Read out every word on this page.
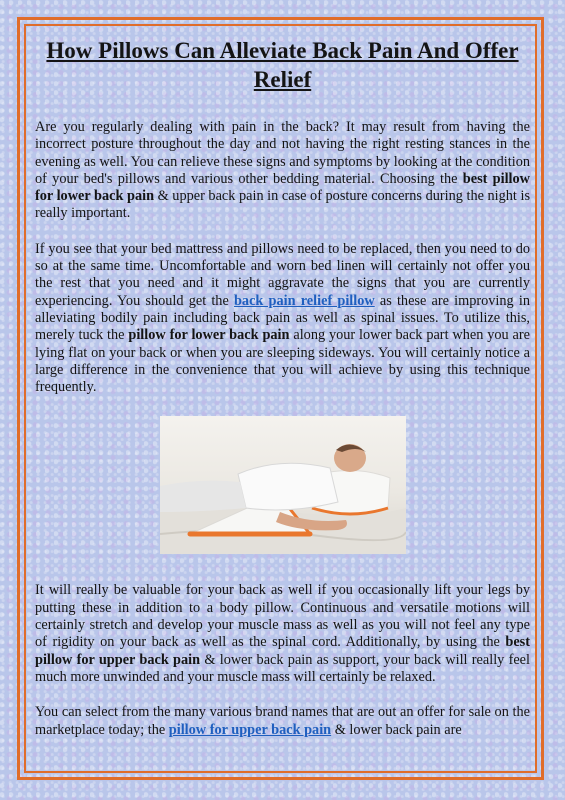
How Pillows Can Alleviate Back Pain And Offer Relief

Are you regularly dealing with pain in the back? It may result from having the incorrect posture throughout the day and not having the right resting stances in the evening as well. You can relieve these signs and symptoms by looking at the condition of your bed's pillows and various other bedding material. Choosing the best pillow for lower back pain & upper back pain in case of posture concerns during the night is really important.

If you see that your bed mattress and pillows need to be replaced, then you need to do so at the same time. Uncomfortable and worn bed linen will certainly not offer you the rest that you need and it might aggravate the signs that you are currently experiencing. You should get the back pain relief pillow as these are improving in alleviating bodily pain including back pain as well as spinal issues. To utilize this, merely tuck the pillow for lower back pain along your lower back part when you are lying flat on your back or when you are sleeping sideways. You will certainly notice a large difference in the convenience that you will achieve by using this technique frequently.

It will really be valuable for your back as well if you occasionally lift your legs by putting these in addition to a body pillow. Continuous and versatile motions will certainly stretch and develop your muscle mass as well as you will not feel any type of rigidity on your back as well as the spinal cord. Additionally, by using the best pillow for upper back pain & lower back pain as support, your back will really feel much more unwinded and your muscle mass will certainly be relaxed.

You can select from the many various brand names that are out an offer for sale on the marketplace today; the pillow for upper back pain & lower back pain are
